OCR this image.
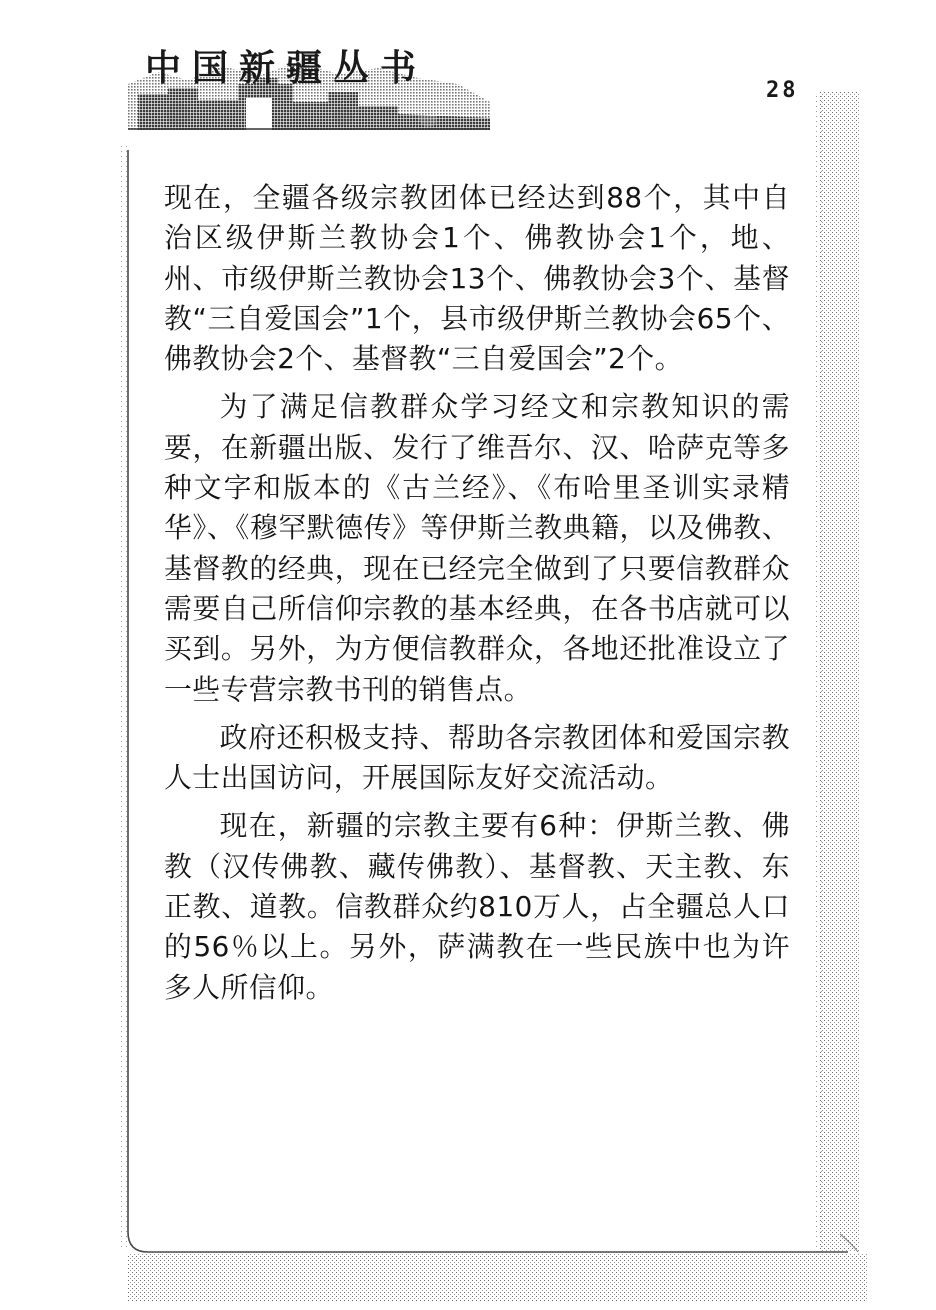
中国新疆丛书
28

现在，全疆各级宗教团体已经达到88个，其中自治区级伊斯兰教协会1个、佛教协会1个，地、州、市级伊斯兰教协会13个、佛教协会3个、基督教“三自爱国会”1个，县市级伊斯兰教协会65个、佛教协会2个、基督教“三自爱国会”2个。

为了满足信教群众学习经文和宗教知识的需要，在新疆出版、发行了维吾尔、汉、哈萨克等多种文字和版本的《古兰经》、《布哈里圣训实录精华》、《穆罕默德传》等伊斯兰教典籍，以及佛教、基督教的经典，现在已经完全做到了只要信教群众需要自己所信仰宗教的基本经典，在各书店就可以买到。另外，为方便信教群众，各地还批准设立了一些专营宗教书刊的销售点。

政府还积极支持、帮助各宗教团体和爱国宗教人士出国访问，开展国际友好交流活动。

现在，新疆的宗教主要有6种：伊斯兰教、佛教（汉传佛教、藏传佛教）、基督教、天主教、东正教、道教。信教群众约810万人，占全疆总人口的56％以上。另外，萨满教在一些民族中也为许多人所信仰。
